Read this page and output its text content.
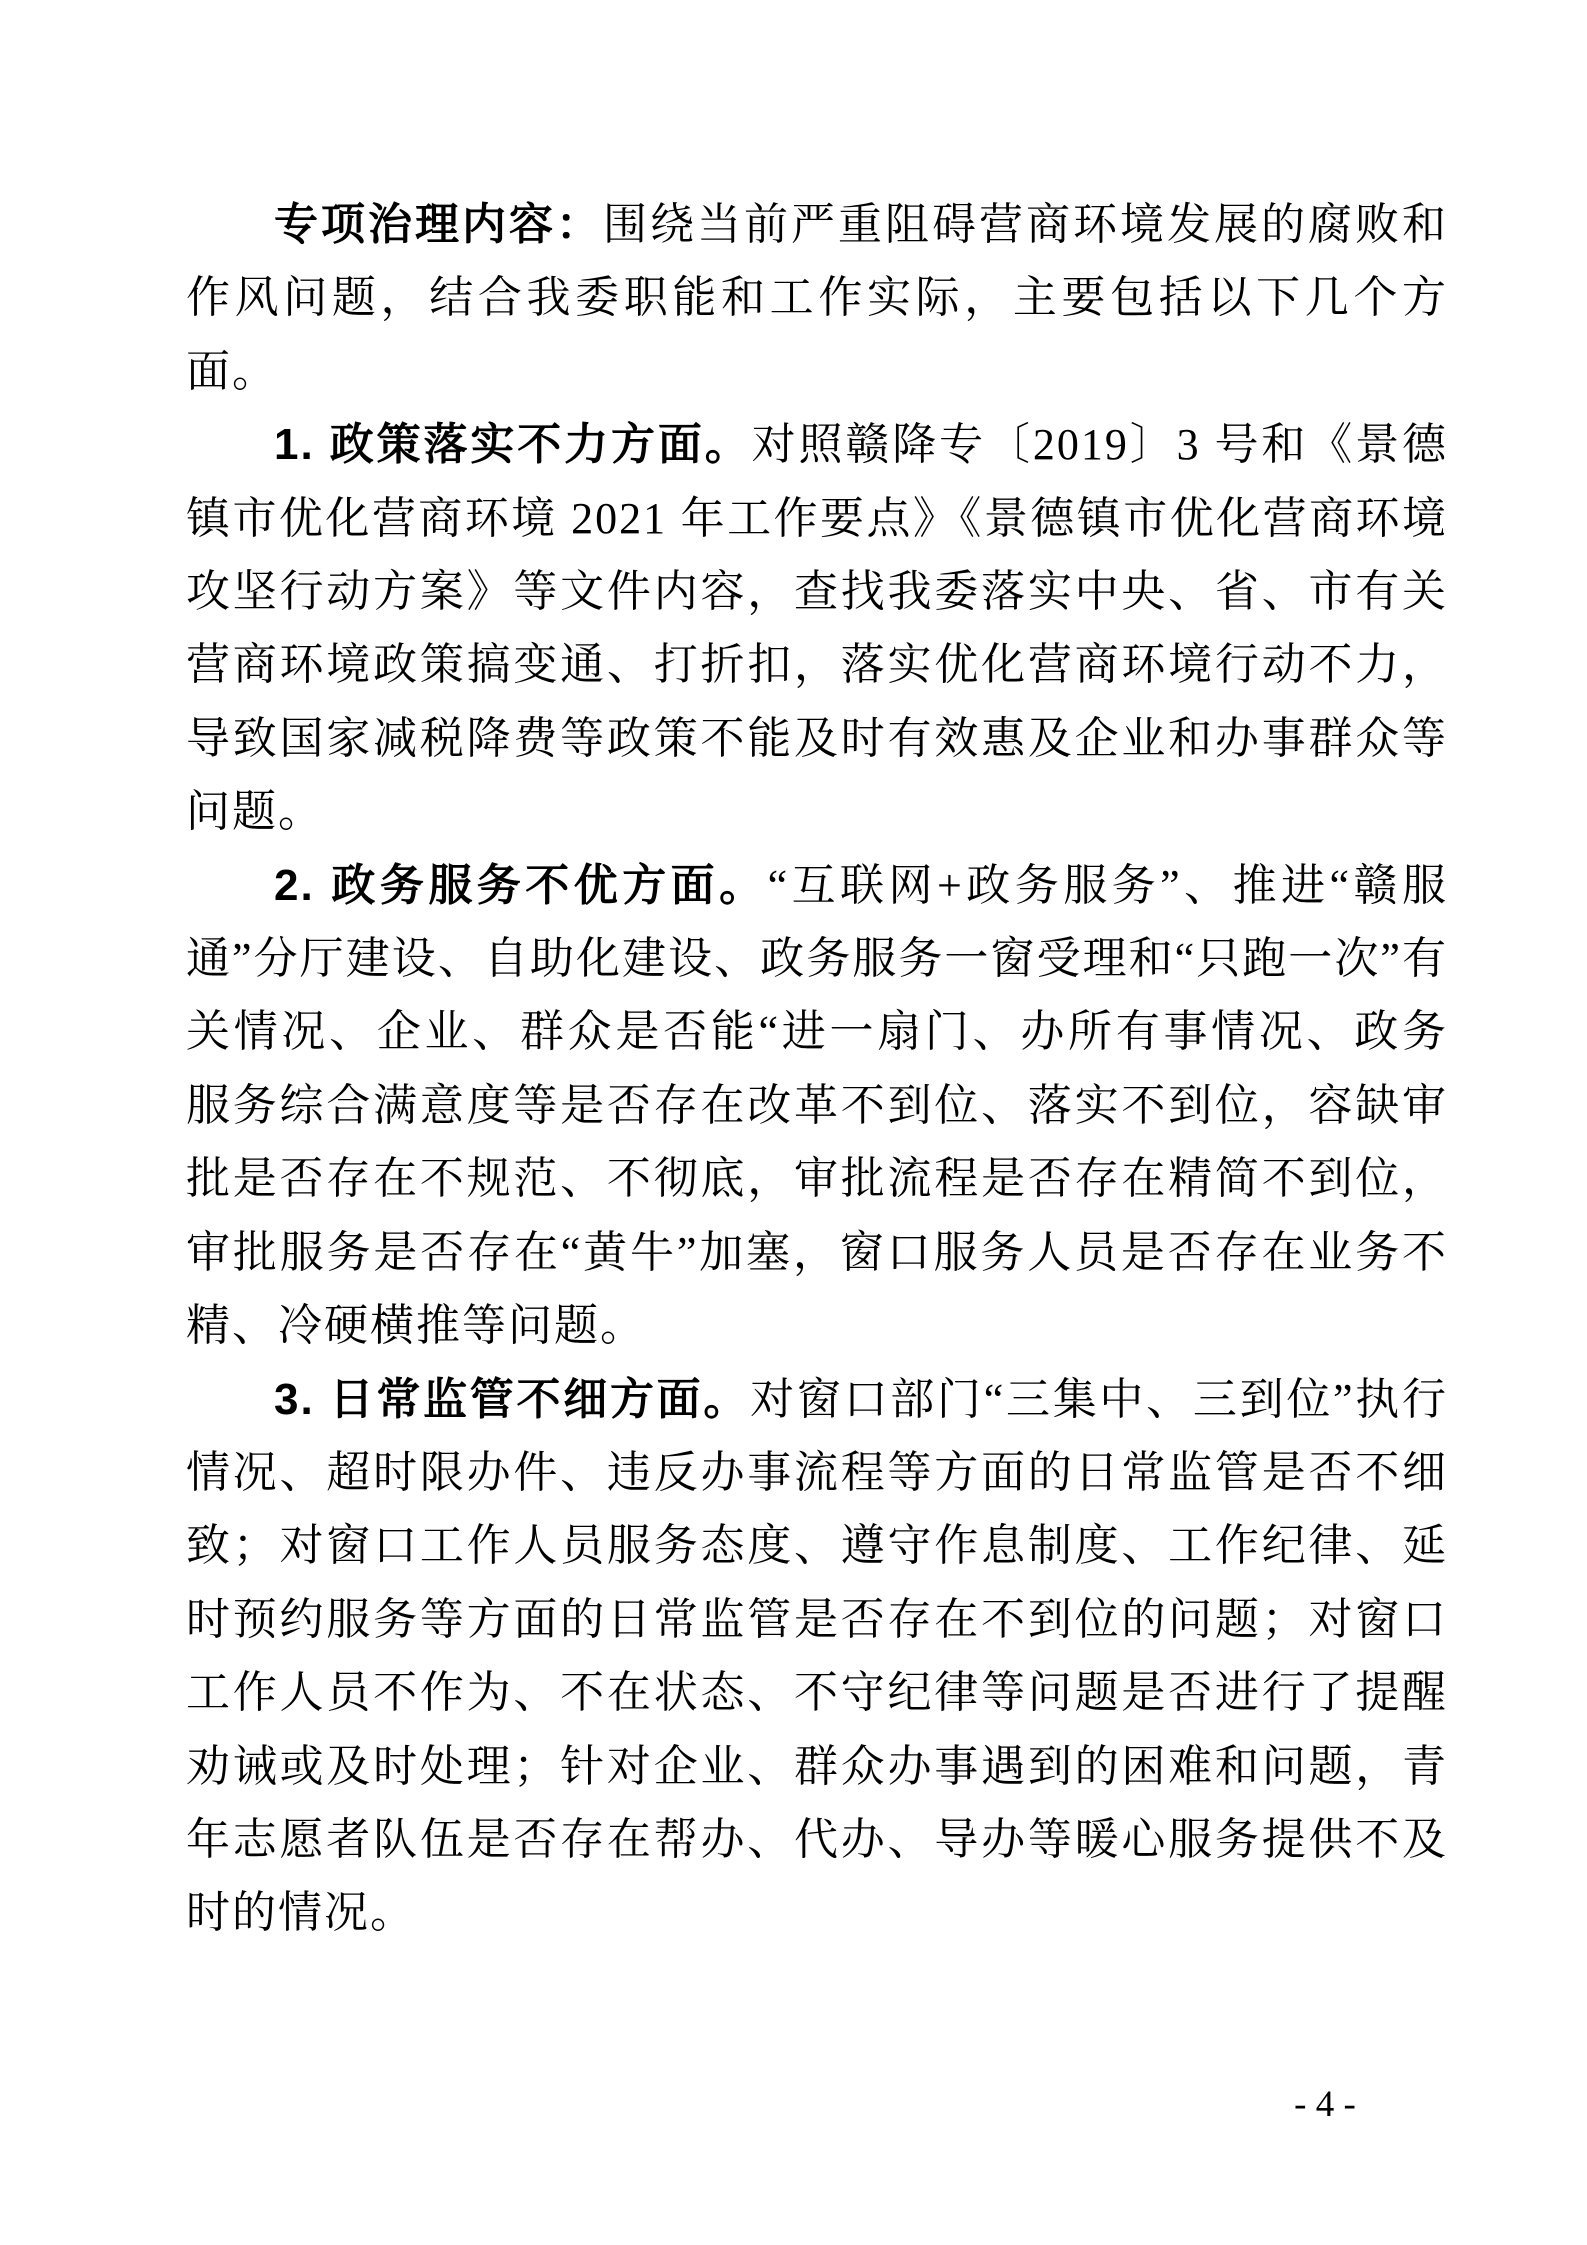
专项治理内容：围绕当前严重阻碍营商环境发展的腐败和作风问题，结合我委职能和工作实际，主要包括以下几个方面。

1. 政策落实不力方面。对照赣降专〔2019〕3 号和《景德镇市优化营商环境 2021 年工作要点》《景德镇市优化营商环境攻坚行动方案》等文件内容，查找我委落实中央、省、市有关营商环境政策搞变通、打折扣，落实优化营商环境行动不力，导致国家减税降费等政策不能及时有效惠及企业和办事群众等问题。

2. 政务服务不优方面。“互联网+政务服务”、推进“赣服通”分厅建设、自助化建设、政务服务一窗受理和“只跑一次”有关情况、企业、群众是否能“进一扇门、办所有事情况、政务服务综合满意度等是否存在改革不到位、落实不到位，容缺审批是否存在不规范、不彻底，审批流程是否存在精简不到位，审批服务是否存在“黄牛”加塞，窗口服务人员是否存在业务不精、冷硬横推等问题。

3. 日常监管不细方面。对窗口部门“三集中、三到位”执行情况、超时限办件、违反办事流程等方面的日常监管是否不细致；对窗口工作人员服务态度、遵守作息制度、工作纪律、延时预约服务等方面的日常监管是否存在不到位的问题；对窗口工作人员不作为、不在状态、不守纪律等问题是否进行了提醒劝诫或及时处理；针对企业、群众办事遇到的困难和问题，青年志愿者队伍是否存在帮办、代办、导办等暖心服务提供不及时的情况。

- 4 -
